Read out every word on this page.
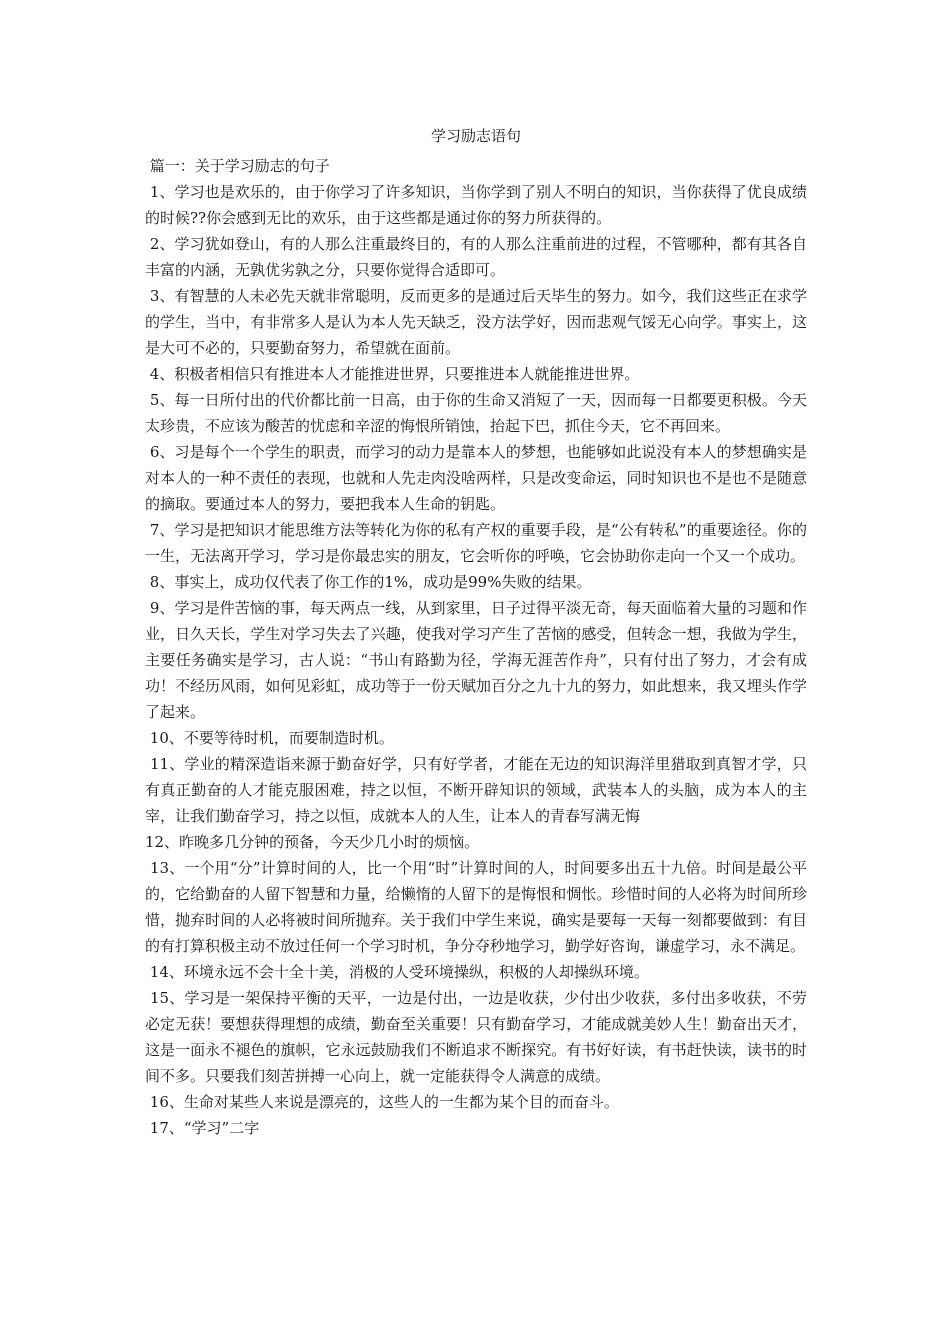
学习励志语句

篇一：关于学习励志的句子

1、学习也是欢乐的，由于你学习了许多知识，当你学到了别人不明白的知识，当你获得了优良成绩的时候??你会感到无比的欢乐，由于这些都是通过你的努力所获得的。

2、学习犹如登山，有的人那么注重最终目的，有的人那么注重前进的过程，不管哪种，都有其各自丰富的内涵，无孰优劣孰之分，只要你觉得合适即可。

3、有智慧的人未必先天就非常聪明，反而更多的是通过后天毕生的努力。如今，我们这些正在求学的学生，当中，有非常多人是认为本人先天缺乏，没方法学好，因而悲观气馁无心向学。事实上，这是大可不必的，只要勤奋努力，希望就在面前。

4、积极者相信只有推进本人才能推进世界，只要推进本人就能推进世界。

5、每一日所付出的代价都比前一日高，由于你的生命又消短了一天，因而每一日都要更积极。今天太珍贵，不应该为酸苦的忧虑和辛涩的悔恨所销蚀，抬起下巴，抓住今天，它不再回来。

6、习是每个一个学生的职责，而学习的动力是靠本人的梦想，也能够如此说没有本人的梦想确实是对本人的一种不责任的表现，也就和人先走肉没啥两样，只是改变命运，同时知识也不是也不是随意的摘取。要通过本人的努力，要把我本人生命的钥匙。

7、学习是把知识才能思维方法等转化为你的私有产权的重要手段，是“公有转私”的重要途径。你的一生，无法离开学习，学习是你最忠实的朋友，它会听你的呼唤，它会协助你走向一个又一个成功。

8、事实上，成功仅代表了你工作的1%，成功是99%失败的结果。

9、学习是件苦恼的事，每天两点一线，从到家里，日子过得平淡无奇，每天面临着大量的习题和作业，日久天长，学生对学习失去了兴趣，使我对学习产生了苦恼的感受，但转念一想，我做为学生，主要任务确实是学习，古人说：“书山有路勤为径，学海无涯苦作舟”，只有付出了努力，才会有成功！不经历风雨，如何见彩虹，成功等于一份天赋加百分之九十九的努力，如此想来，我又埋头作学了起来。

10、不要等待时机，而要制造时机。

11、学业的精深造诣来源于勤奋好学，只有好学者，才能在无边的知识海洋里猎取到真智才学，只有真正勤奋的人才能克服困难，持之以恒，不断开辟知识的领域，武装本人的头脑，成为本人的主宰，让我们勤奋学习，持之以恒，成就本人的人生，让本人的青春写满无悔

12、昨晚多几分钟的预备，今天少几小时的烦恼。

13、一个用“分”计算时间的人，比一个用“时”计算时间的人，时间要多出五十九倍。时间是最公平的，它给勤奋的人留下智慧和力量，给懒惰的人留下的是悔恨和惆怅。珍惜时间的人必将为时间所珍惜，抛弃时间的人必将被时间所抛弃。关于我们中学生来说，确实是要每一天每一刻都要做到：有目的有打算积极主动不放过任何一个学习时机，争分夺秒地学习，勤学好咨询，谦虚学习，永不满足。

14、环境永远不会十全十美，消极的人受环境操纵，积极的人却操纵环境。

15、学习是一架保持平衡的天平，一边是付出，一边是收获，少付出少收获，多付出多收获，不劳必定无获！要想获得理想的成绩，勤奋至关重要！只有勤奋学习，才能成就美妙人生！勤奋出天才，这是一面永不褪色的旗帜，它永远鼓励我们不断追求不断探究。有书好好读，有书赶快读，读书的时间不多。只要我们刻苦拼搏一心向上，就一定能获得令人满意的成绩。

16、生命对某些人来说是漂亮的，这些人的一生都为某个目的而奋斗。

17、“学习”二字
